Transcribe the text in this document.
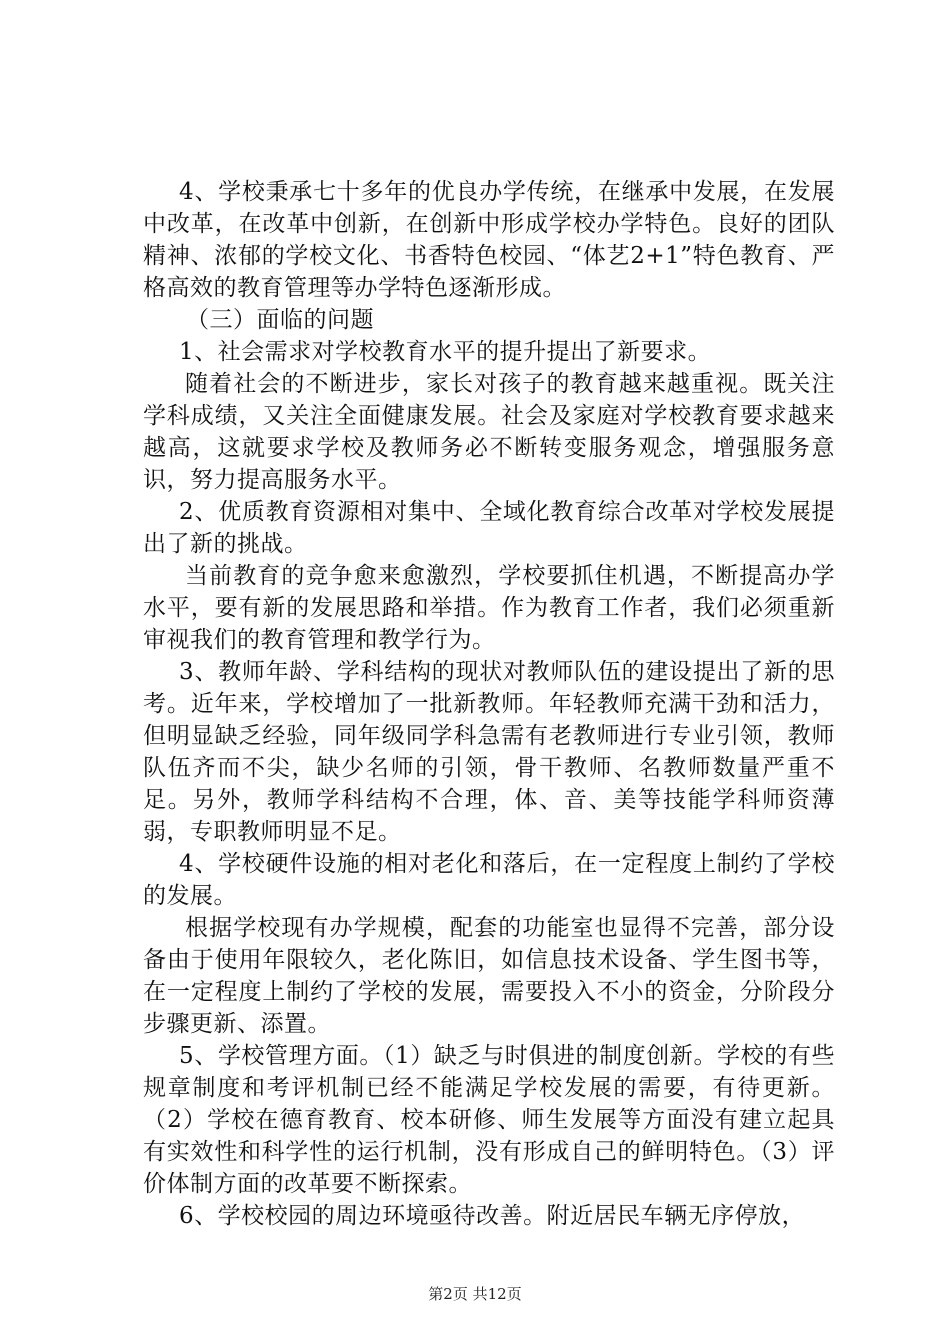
4、学校秉承七十多年的优良办学传统，在继承中发展，在发展中改革，在改革中创新，在创新中形成学校办学特色。良好的团队精神、浓郁的学校文化、书香特色校园、“体艺2+1”特色教育、严格高效的教育管理等办学特色逐渐形成。

（三）面临的问题

1、社会需求对学校教育水平的提升提出了新要求。

随着社会的不断进步，家长对孩子的教育越来越重视。既关注学科成绩，又关注全面健康发展。社会及家庭对学校教育要求越来越高，这就要求学校及教师务必不断转变服务观念，增强服务意识，努力提高服务水平。

2、优质教育资源相对集中、全域化教育综合改革对学校发展提出了新的挑战。

当前教育的竞争愈来愈激烈，学校要抓住机遇，不断提高办学水平，要有新的发展思路和举措。作为教育工作者，我们必须重新审视我们的教育管理和教学行为。

3、教师年龄、学科结构的现状对教师队伍的建设提出了新的思考。近年来，学校增加了一批新教师。年轻教师充满干劲和活力，但明显缺乏经验，同年级同学科急需有老教师进行专业引领，教师队伍齐而不尖，缺少名师的引领，骨干教师、名教师数量严重不足。另外，教师学科结构不合理，体、音、美等技能学科师资薄弱，专职教师明显不足。

4、学校硬件设施的相对老化和落后，在一定程度上制约了学校的发展。

根据学校现有办学规模，配套的功能室也显得不完善，部分设备由于使用年限较久，老化陈旧，如信息技术设备、学生图书等，在一定程度上制约了学校的发展，需要投入不小的资金，分阶段分步骤更新、添置。

5、学校管理方面。（1）缺乏与时俱进的制度创新。学校的有些规章制度和考评机制已经不能满足学校发展的需要，有待更新。（2）学校在德育教育、校本研修、师生发展等方面没有建立起具有实效性和科学性的运行机制，没有形成自己的鲜明特色。（3）评价体制方面的改革要不断探索。

6、学校校园的周边环境亟待改善。附近居民车辆无序停放，

第2页 共12页
